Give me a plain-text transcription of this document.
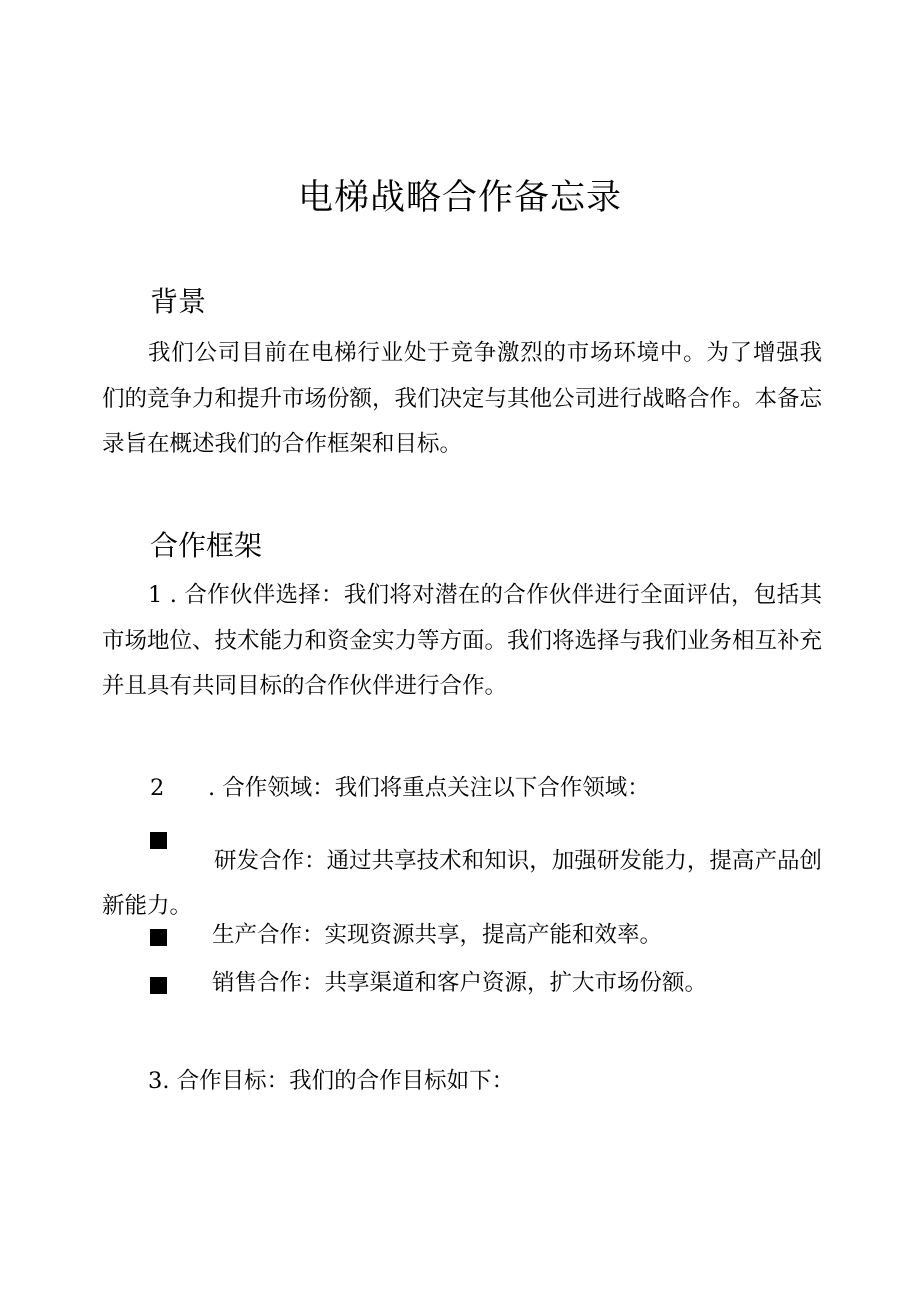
电梯战略合作备忘录
背景

我们公司目前在电梯行业处于竞争激烈的市场环境中。为了增强我们的竞争力和提升市场份额，我们决定与其他公司进行战略合作。本备忘录旨在概述我们的合作框架和目标。

合作框架

1 . 合作伙伴选择：我们将对潜在的合作伙伴进行全面评估，包括其市场地位、技术能力和资金实力等方面。我们将选择与我们业务相互补充并且具有共同目标的合作伙伴进行合作。

2 . 合作领域：我们将重点关注以下合作领域：

研发合作：通过共享技术和知识，加强研发能力，提高产品创新能力。

生产合作：实现资源共享，提高产能和效率。
销售合作：共享渠道和客户资源，扩大市场份额。
3. 合作目标：我们的合作目标如下：
